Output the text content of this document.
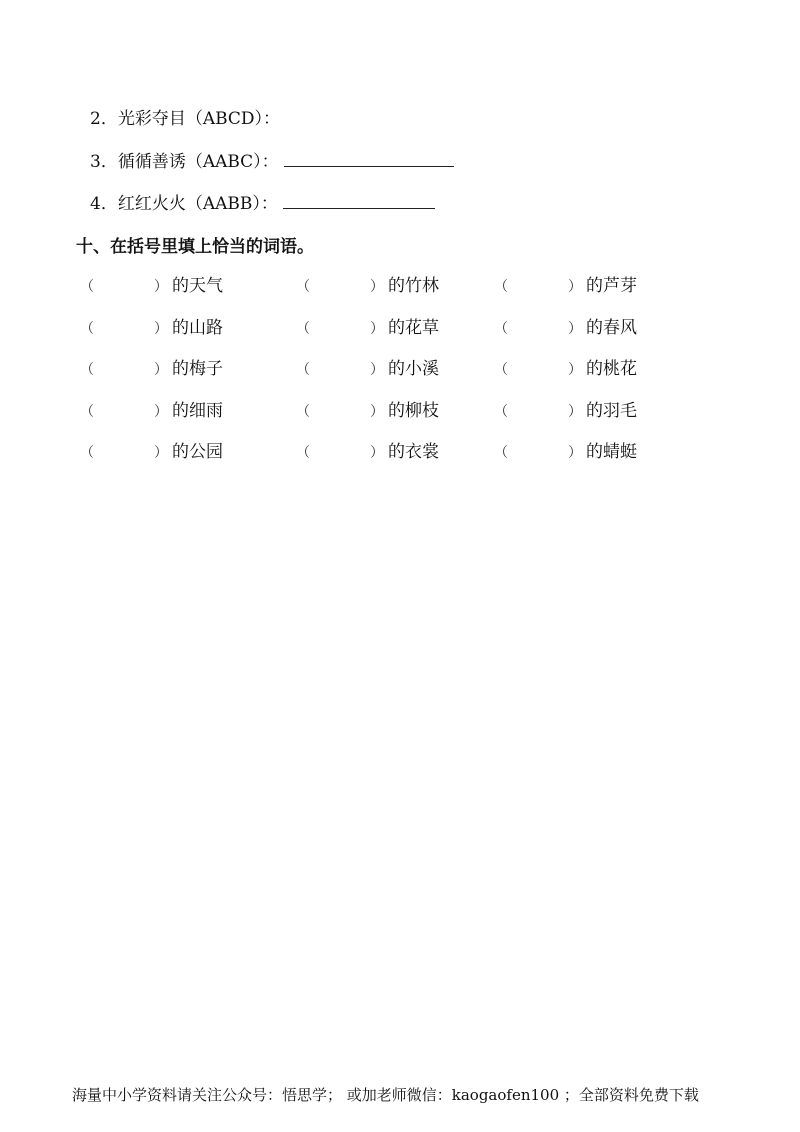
2．光彩夺目（ABCD）：
3．循循善诱（AABC）：
4．红红火火（AABB）：
十、在括号里填上恰当的词语。
（	） 的天气	（	） 的竹林	（	） 的芦芽
（	） 的山路	（	） 的花草	（	） 的春风
（	） 的梅子	（	） 的小溪	（	） 的桃花
（	） 的细雨	（	） 的柳枝	（	） 的羽毛
（	） 的公园	（	） 的衣裳	（	） 的蜻蜓
海量中小学资料请关注公众号：悟思学； 或加老师微信：kaogaofen100 ；全部资料免费下载
